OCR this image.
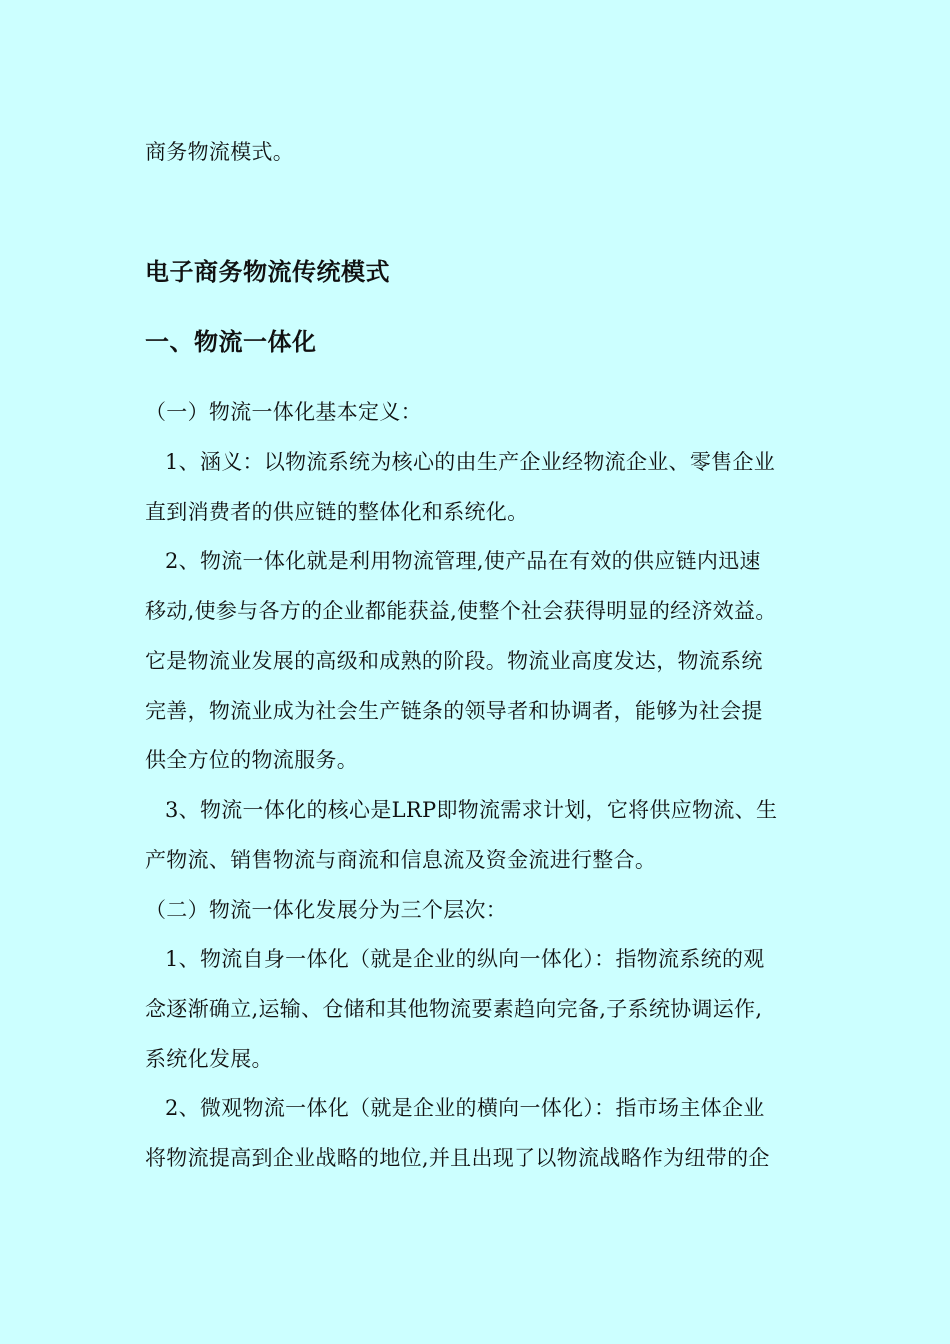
商务物流模式。
电子商务物流传统模式
一、物流一体化
（一）物流一体化基本定义：
1、涵义：以物流系统为核心的由生产企业经物流企业、零售企业
直到消费者的供应链的整体化和系统化。
2、物流一体化就是利用物流管理,使产品在有效的供应链内迅速
移动,使参与各方的企业都能获益,使整个社会获得明显的经济效益。
它是物流业发展的高级和成熟的阶段。物流业高度发达，物流系统
完善，物流业成为社会生产链条的领导者和协调者，能够为社会提
供全方位的物流服务。
3、物流一体化的核心是LRP即物流需求计划，它将供应物流、生
产物流、销售物流与商流和信息流及资金流进行整合。
（二）物流一体化发展分为三个层次：
1、物流自身一体化（就是企业的纵向一体化）：指物流系统的观
念逐渐确立,运输、仓储和其他物流要素趋向完备,子系统协调运作,
系统化发展。
2、微观物流一体化（就是企业的横向一体化）：指市场主体企业
将物流提高到企业战略的地位,并且出现了以物流战略作为纽带的企
